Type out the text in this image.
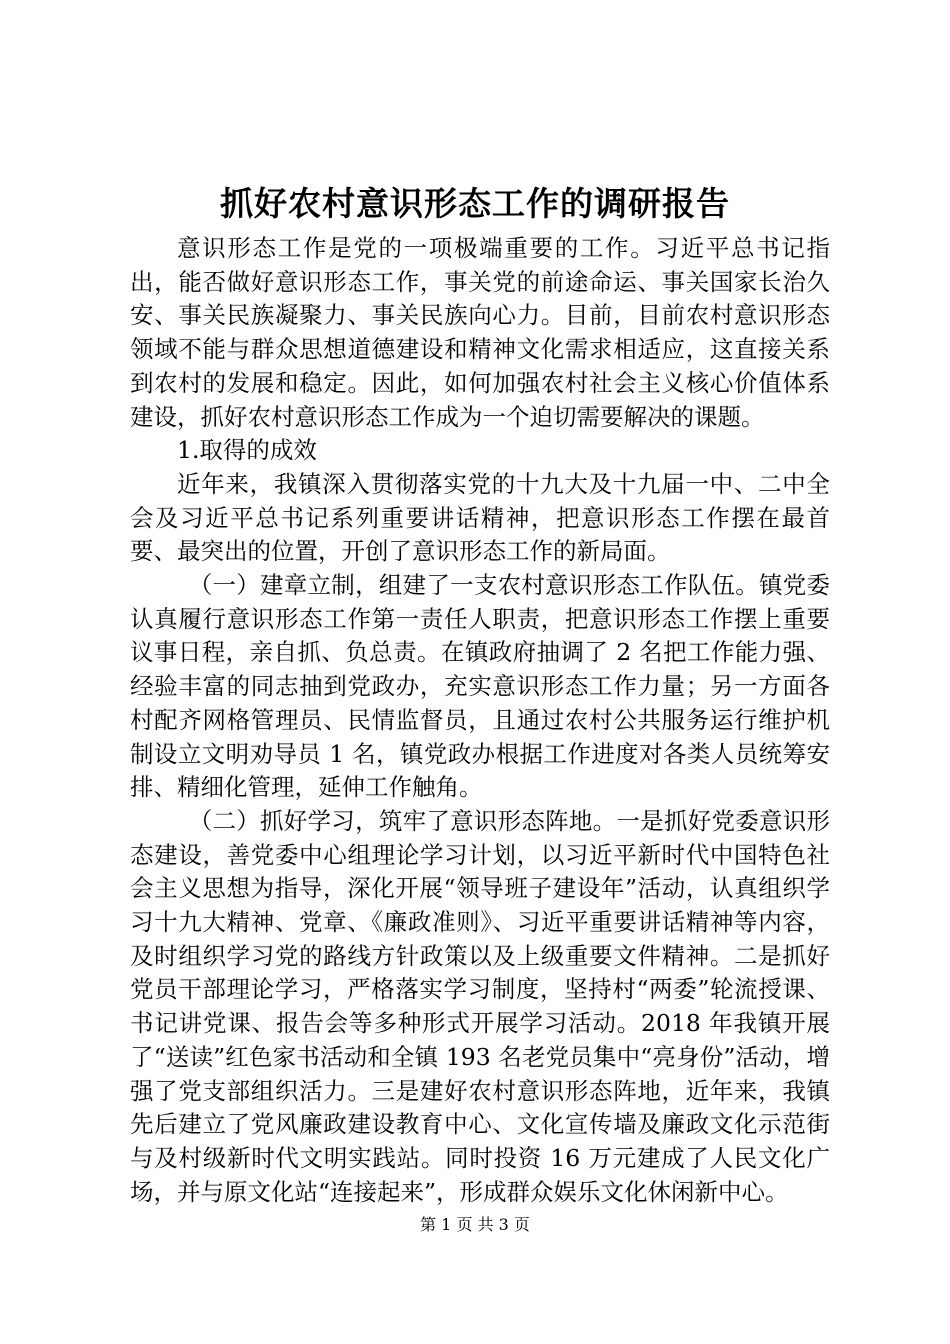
抓好农村意识形态工作的调研报告

意识形态工作是党的一项极端重要的工作。习近平总书记指出，能否做好意识形态工作，事关党的前途命运、事关国家长治久安、事关民族凝聚力、事关民族向心力。目前，目前农村意识形态领域不能与群众思想道德建设和精神文化需求相适应，这直接关系到农村的发展和稳定。因此，如何加强农村社会主义核心价值体系建设，抓好农村意识形态工作成为一个迫切需要解决的课题。

1.取得的成效

近年来，我镇深入贯彻落实党的十九大及十九届一中、二中全会及习近平总书记系列重要讲话精神，把意识形态工作摆在最首要、最突出的位置，开创了意识形态工作的新局面。

（一）建章立制，组建了一支农村意识形态工作队伍。镇党委认真履行意识形态工作第一责任人职责，把意识形态工作摆上重要议事日程，亲自抓、负总责。在镇政府抽调了 2 名把工作能力强、经验丰富的同志抽到党政办，充实意识形态工作力量；另一方面各村配齐网格管理员、民情监督员，且通过农村公共服务运行维护机制设立文明劝导员 1 名，镇党政办根据工作进度对各类人员统筹安排、精细化管理，延伸工作触角。

（二）抓好学习，筑牢了意识形态阵地。一是抓好党委意识形态建设，善党委中心组理论学习计划，以习近平新时代中国特色社会主义思想为指导，深化开展“领导班子建设年”活动，认真组织学习十九大精神、党章、《廉政准则》、习近平重要讲话精神等内容，及时组织学习党的路线方针政策以及上级重要文件精神。二是抓好党员干部理论学习，严格落实学习制度，坚持村“两委”轮流授课、书记讲党课、报告会等多种形式开展学习活动。2018 年我镇开展了“送读”红色家书活动和全镇 193 名老党员集中“亮身份”活动，增强了党支部组织活力。三是建好农村意识形态阵地，近年来，我镇先后建立了党风廉政建设教育中心、文化宣传墙及廉政文化示范街与及村级新时代文明实践站。同时投资 16 万元建成了人民文化广场，并与原文化站“连接起来”，形成群众娱乐文化休闲新中心。

第 1 页 共 3 页
